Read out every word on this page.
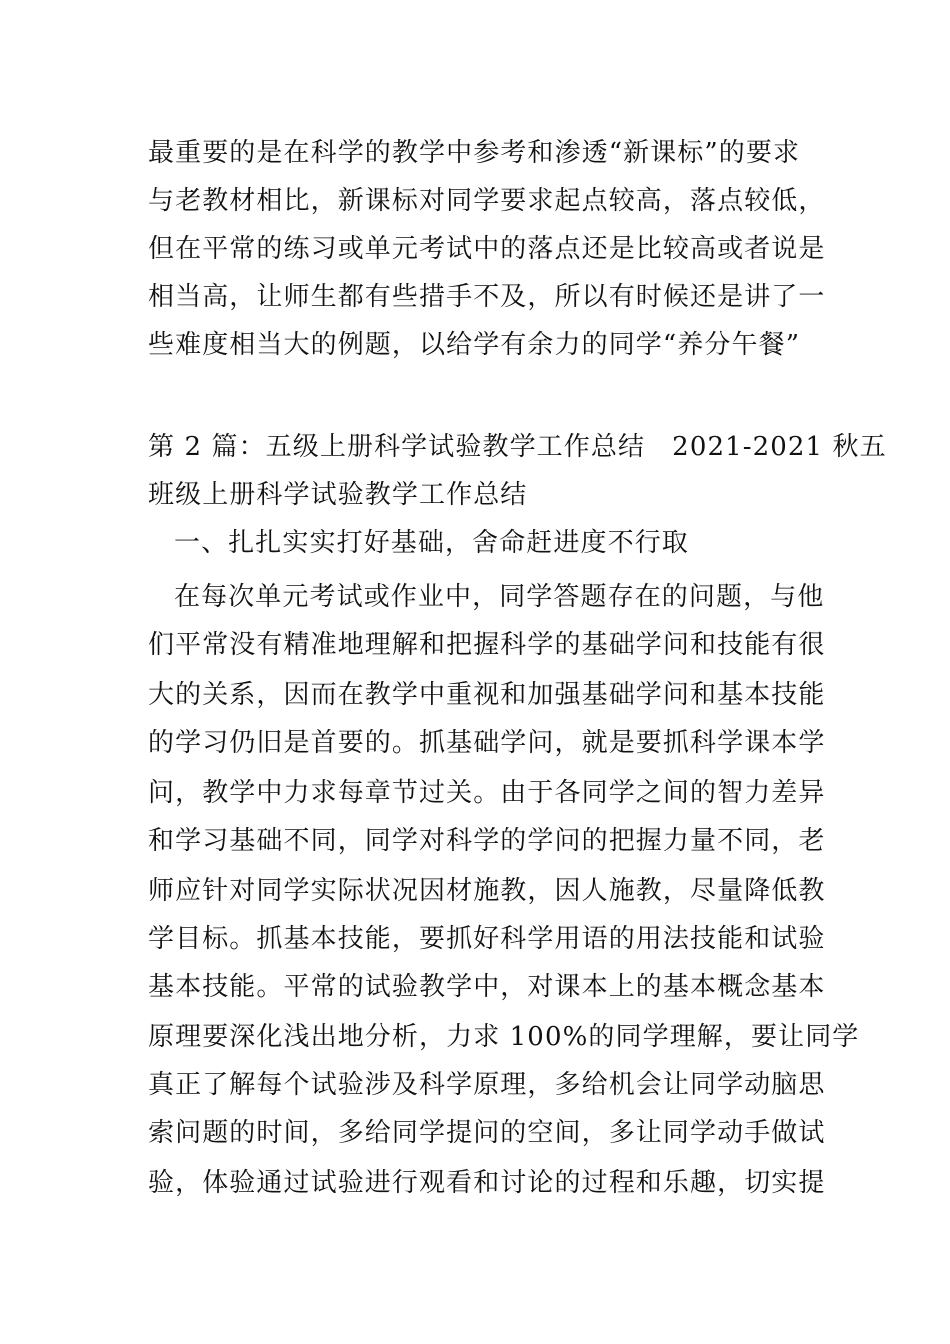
最重要的是在科学的教学中参考和渗透“新课标”的要求
与老教材相比，新课标对同学要求起点较高，落点较低，
但在平常的练习或单元考试中的落点还是比较高或者说是
相当高，让师生都有些措手不及，所以有时候还是讲了一
些难度相当大的例题，以给学有余力的同学“养分午餐”
第 2 篇：五级上册科学试验教学工作总结　2021-2021 秋五
班级上册科学试验教学工作总结
一、扎扎实实打好基础，舍命赶进度不行取
在每次单元考试或作业中，同学答题存在的问题，与他
们平常没有精准地理解和把握科学的基础学问和技能有很
大的关系，因而在教学中重视和加强基础学问和基本技能
的学习仍旧是首要的。抓基础学问，就是要抓科学课本学
问，教学中力求每章节过关。由于各同学之间的智力差异
和学习基础不同，同学对科学的学问的把握力量不同，老
师应针对同学实际状况因材施教，因人施教，尽量降低教
学目标。抓基本技能，要抓好科学用语的用法技能和试验
基本技能。平常的试验教学中，对课本上的基本概念基本
原理要深化浅出地分析，力求 100%的同学理解，要让同学
真正了解每个试验涉及科学原理，多给机会让同学动脑思
索问题的时间，多给同学提问的空间，多让同学动手做试
验，体验通过试验进行观看和讨论的过程和乐趣，切实提
